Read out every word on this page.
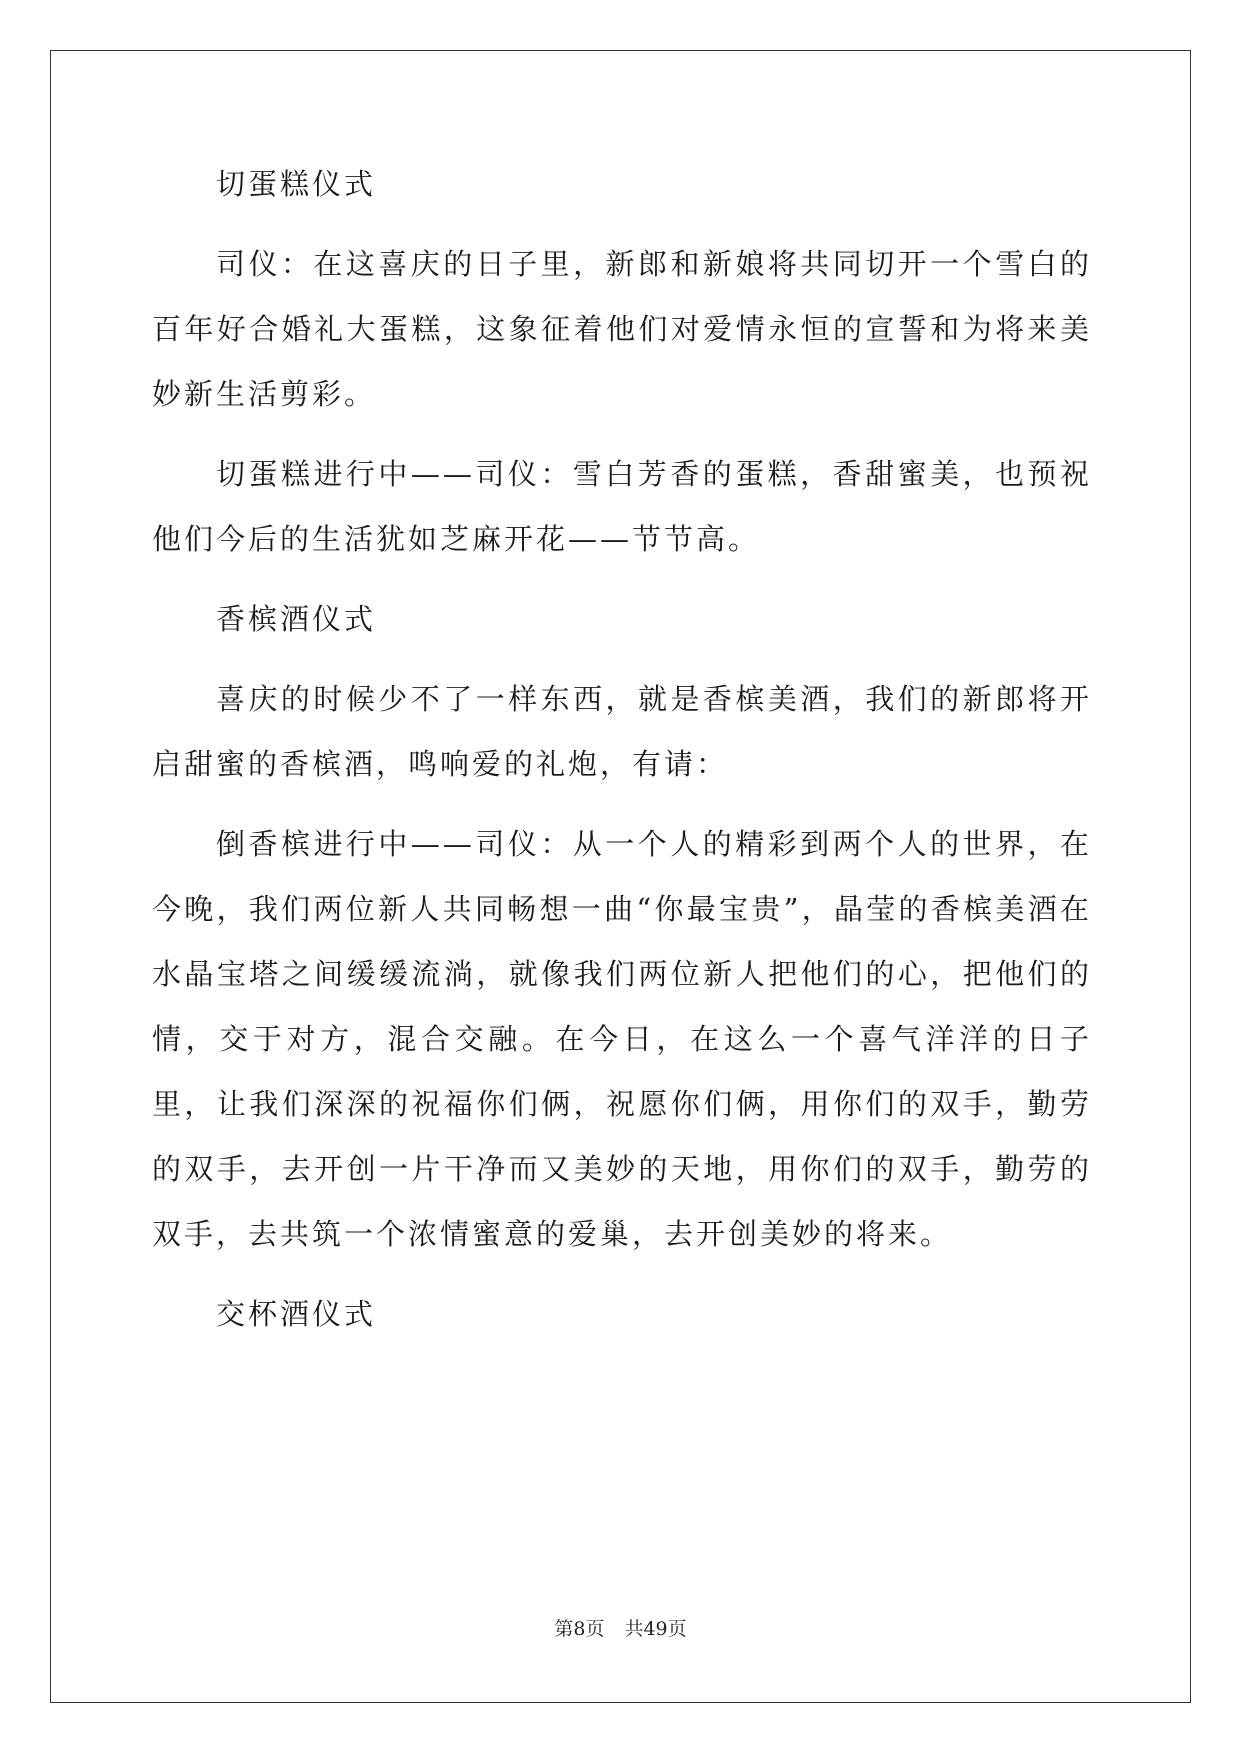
切蛋糕仪式

司仪：在这喜庆的日子里，新郎和新娘将共同切开一个雪白的百年好合婚礼大蛋糕，这象征着他们对爱情永恒的宣誓和为将来美妙新生活剪彩。

切蛋糕进行中——司仪：雪白芳香的蛋糕，香甜蜜美，也预祝他们今后的生活犹如芝麻开花——节节高。

香槟酒仪式

喜庆的时候少不了一样东西，就是香槟美酒，我们的新郎将开启甜蜜的香槟酒，鸣响爱的礼炮，有请：

倒香槟进行中——司仪：从一个人的精彩到两个人的世界，在今晚，我们两位新人共同畅想一曲“你最宝贵”，晶莹的香槟美酒在水晶宝塔之间缓缓流淌，就像我们两位新人把他们的心，把他们的情，交于对方，混合交融。在今日，在这么一个喜气洋洋的日子里，让我们深深的祝福你们俩，祝愿你们俩，用你们的双手，勤劳的双手，去开创一片干净而又美妙的天地，用你们的双手，勤劳的双手，去共筑一个浓情蜜意的爱巢，去开创美妙的将来。

交杯酒仪式

第8页 共49页
